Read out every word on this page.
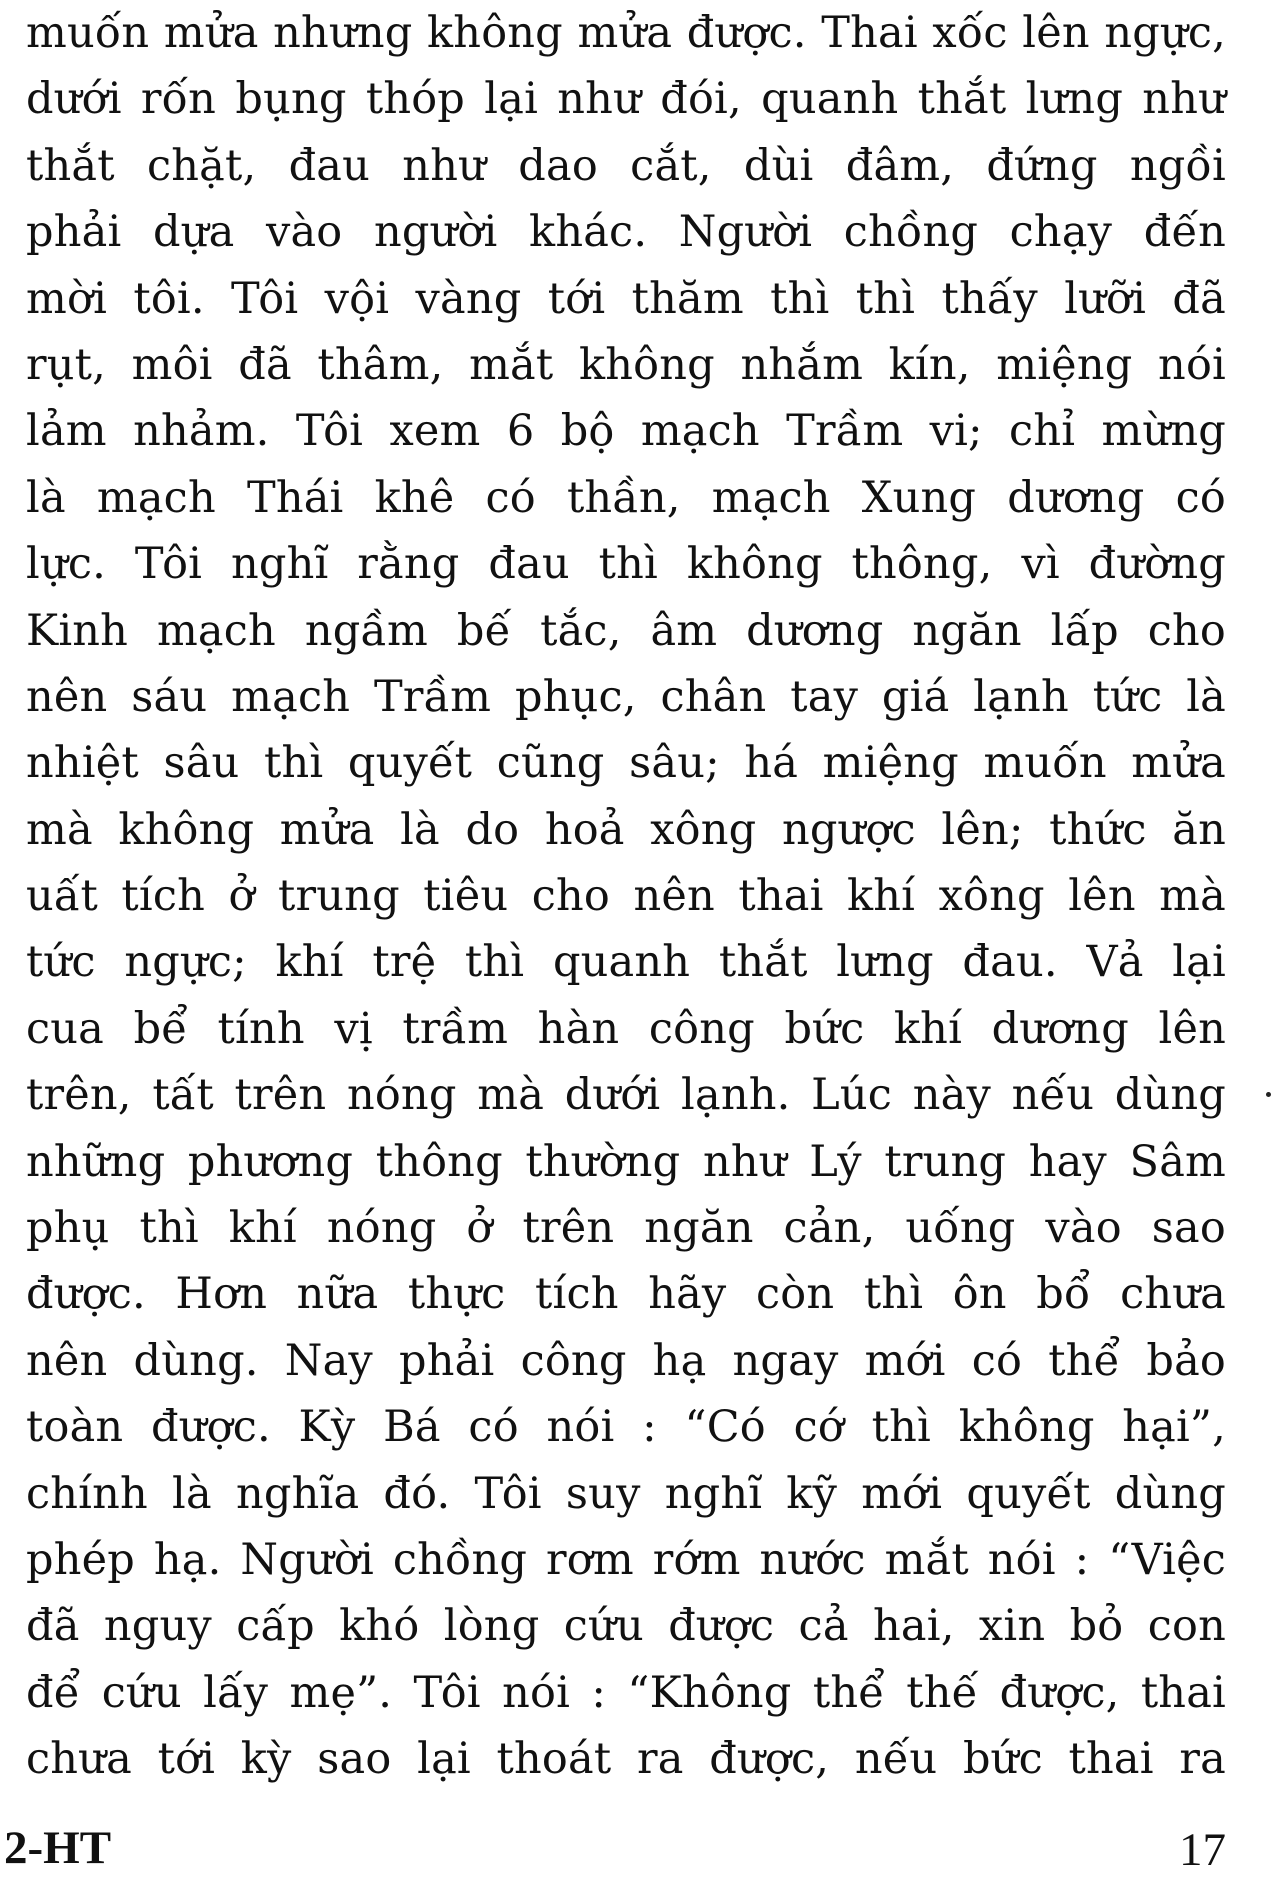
muốn mửa nhưng không mửa được. Thai xốc lên ngực,
dưới rốn bụng thóp lại như đói, quanh thắt lưng như
thắt chặt, đau như dao cắt, dùi đâm, đứng ngồi
phải dựa vào người khác. Người chồng chạy đến
mời tôi. Tôi vội vàng tới thăm thì thì thấy lưỡi đã
rụt, môi đã thâm, mắt không nhắm kín, miệng nói
lảm nhảm. Tôi xem 6 bộ mạch Trầm vi; chỉ mừng
là mạch Thái khê có thần, mạch Xung dương có
lực. Tôi nghĩ rằng đau thì không thông, vì đường
Kinh mạch ngầm bế tắc, âm dương ngăn lấp cho
nên sáu mạch Trầm phục, chân tay giá lạnh tức là
nhiệt sâu thì quyết cũng sâu; há miệng muốn mửa
mà không mửa là do hoả xông ngược lên; thức ăn
uất tích ở trung tiêu cho nên thai khí xông lên mà
tức ngực; khí trệ thì quanh thắt lưng đau. Vả lại
cua bể tính vị trầm hàn công bức khí dương lên
trên, tất trên nóng mà dưới lạnh. Lúc này nếu dùng
những phương thông thường như Lý trung hay Sâm
phụ thì khí nóng ở trên ngăn cản, uống vào sao
được. Hơn nữa thực tích hãy còn thì ôn bổ chưa
nên dùng. Nay phải công hạ ngay mới có thể bảo
toàn được. Kỳ Bá có nói : “Có cớ thì không hại”,
chính là nghĩa đó. Tôi suy nghĩ kỹ mới quyết dùng
phép hạ. Người chồng rơm rớm nước mắt nói : “Việc
đã nguy cấp khó lòng cứu được cả hai, xin bỏ con
để cứu lấy mẹ”. Tôi nói : “Không thể thế được, thai
chưa tới kỳ sao lại thoát ra được, nếu bức thai ra
2-HT	17
